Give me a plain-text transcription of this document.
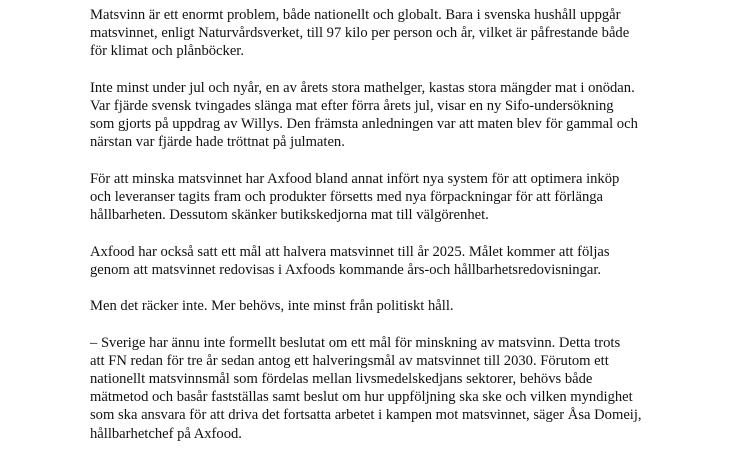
Matsvinn är ett enormt problem, både nationellt och globalt. Bara i svenska hushåll uppgår
matsvinnet, enligt Naturvårdsverket, till 97 kilo per person och år, vilket är påfrestande både
för klimat och plånböcker.

Inte minst under jul och nyår, en av årets stora mathelger, kastas stora mängder mat i onödan.
Var fjärde svensk tvingades slänga mat efter förra årets jul, visar en ny Sifo-undersökning
som gjorts på uppdrag av Willys. Den främsta anledningen var att maten blev för gammal och
närstan var fjärde hade tröttnat på julmaten.

För att minska matsvinnet har Axfood bland annat infört nya system för att optimera inköp
och leveranser tagits fram och produkter försetts med nya förpackningar för att förlänga
hållbarheten. Dessutom skänker butikskedjorna mat till välgörenhet.

Axfood har också satt ett mål att halvera matsvinnet till år 2025. Målet kommer att följas
genom att matsvinnet redovisas i Axfoods kommande års-och hållbarhetsredovisningar.

Men det räcker inte. Mer behövs, inte minst från politiskt håll.

– Sverige har ännu inte formellt beslutat om ett mål för minskning av matsvinn. Detta trots
att FN redan för tre år sedan antog ett halveringsmål av matsvinnet till 2030. Förutom ett
nationellt matsvinnsmål som fördelas mellan livsmedelskedjans sektorer, behövs både
mätmetod och basår fastställas samt beslut om hur uppföljning ska ske och vilken myndighet
som ska ansvara för att driva det fortsatta arbetet i kampen mot matsvinnet, säger Åsa Domeij,
hållbarhetchef på Axfood.
